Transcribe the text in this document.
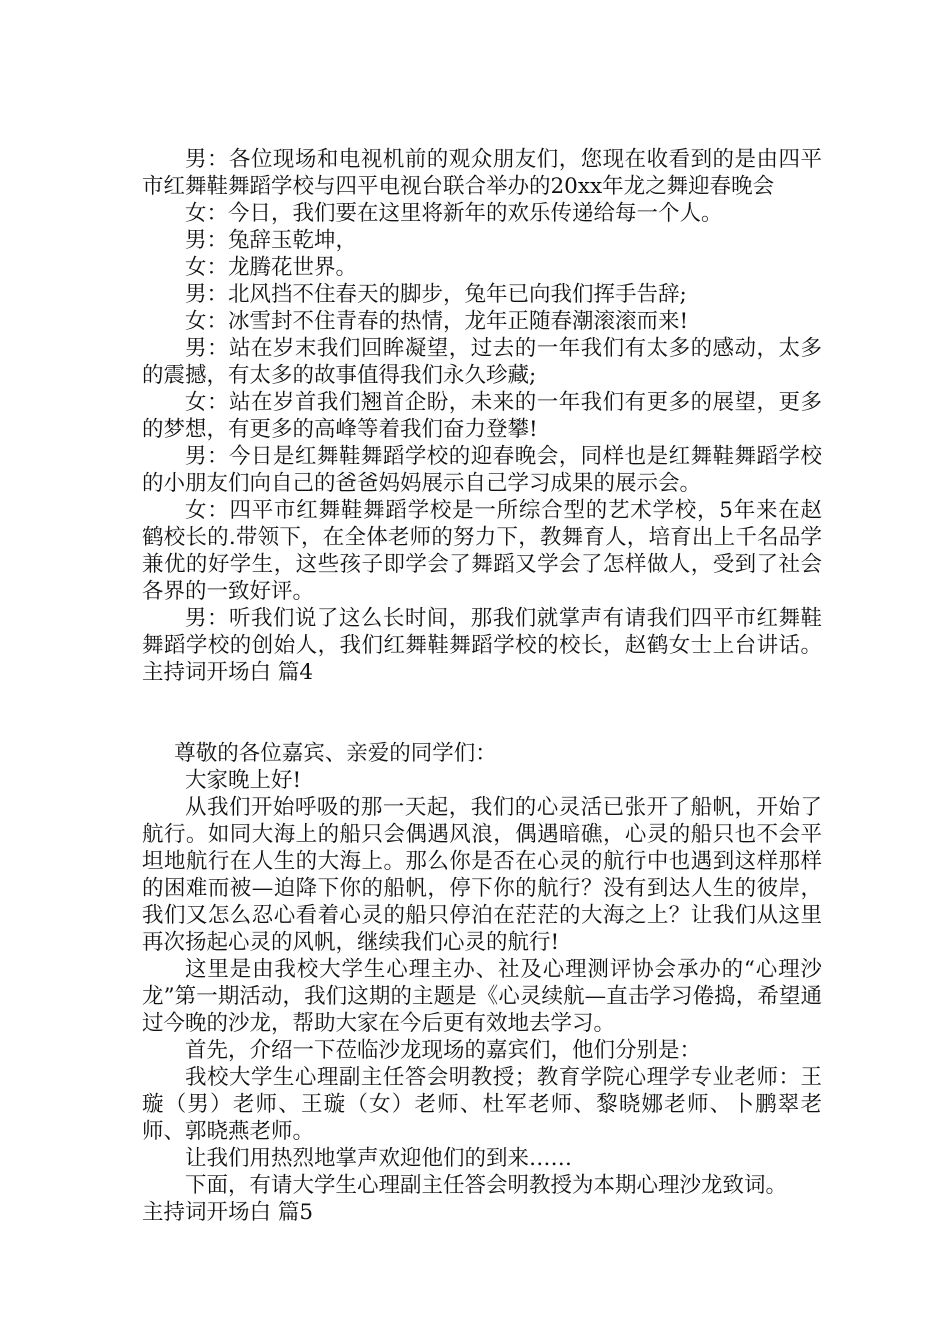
男：各位现场和电视机前的观众朋友们，您现在收看到的是由四平市红舞鞋舞蹈学校与四平电视台联合举办的20xx年龙之舞迎春晚会

女：今日，我们要在这里将新年的欢乐传递给每一个人。

男：兔辞玉乾坤，

女：龙腾花世界。

男：北风挡不住春天的脚步，兔年已向我们挥手告辞;

女：冰雪封不住青春的热情，龙年正随春潮滚滚而来!

男：站在岁末我们回眸凝望，过去的一年我们有太多的感动，太多的震撼，有太多的故事值得我们永久珍藏;

女：站在岁首我们翘首企盼，未来的一年我们有更多的展望，更多的梦想，有更多的高峰等着我们奋力登攀!

男：今日是红舞鞋舞蹈学校的迎春晚会，同样也是红舞鞋舞蹈学校的小朋友们向自己的爸爸妈妈展示自己学习成果的展示会。

女：四平市红舞鞋舞蹈学校是一所综合型的艺术学校，5年来在赵鹤校长的.带领下，在全体老师的努力下，教舞育人，培育出上千名品学兼优的好学生，这些孩子即学会了舞蹈又学会了怎样做人，受到了社会各界的一致好评。

男：听我们说了这么长时间，那我们就掌声有请我们四平市红舞鞋舞蹈学校的创始人，我们红舞鞋舞蹈学校的校长，赵鹤女士上台讲话。主持词开场白 篇4

尊敬的各位嘉宾、亲爱的同学们：

大家晚上好!

从我们开始呼吸的那一天起，我们的心灵活已张开了船帆，开始了航行。如同大海上的船只会偶遇风浪，偶遇暗礁，心灵的船只也不会平坦地航行在人生的大海上。那么你是否在心灵的航行中也遇到这样那样的困难而被—迫降下你的船帆，停下你的航行？没有到达人生的彼岸，我们又怎么忍心看着心灵的船只停泊在茫茫的大海之上？让我们从这里再次扬起心灵的风帆，继续我们心灵的航行!

这里是由我校大学生心理主办、社及心理测评协会承办的“心理沙龙”第一期活动，我们这期的主题是《心灵续航—直击学习倦捣，希望通过今晚的沙龙，帮助大家在今后更有效地去学习。

首先，介绍一下莅临沙龙现场的嘉宾们，他们分别是：

我校大学生心理副主任答会明教授；教育学院心理学专业老师：王璇（男）老师、王璇（女）老师、杜军老师、黎晓娜老师、卜鹏翠老师、郭晓燕老师。

让我们用热烈地掌声欢迎他们的到来……

下面，有请大学生心理副主任答会明教授为本期心理沙龙致词。

主持词开场白 篇5
